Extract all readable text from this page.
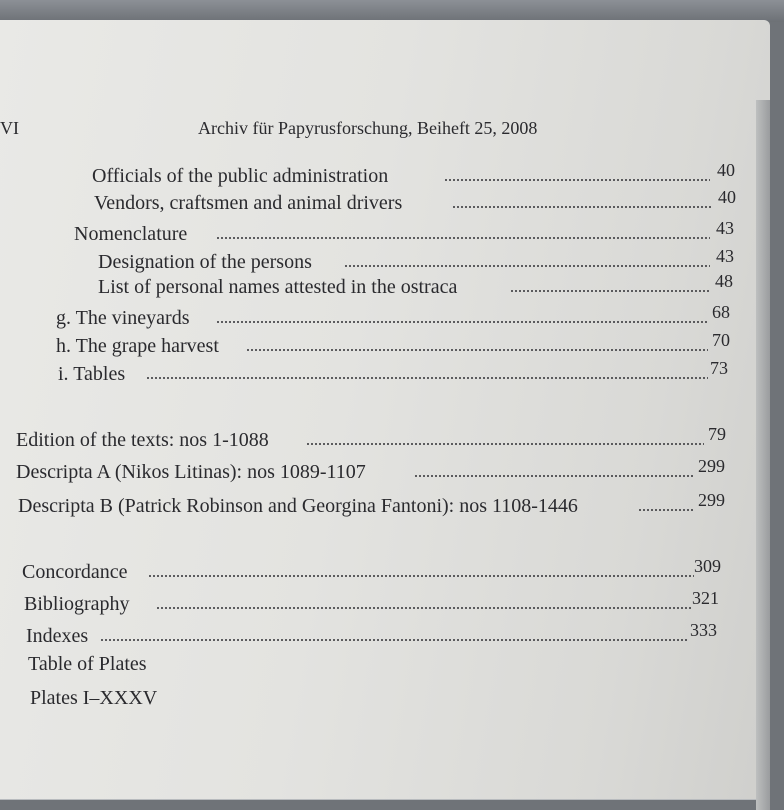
VI	Archiv für Papyrusforschung, Beiheft 25, 2008
Officials of the public administration	40
Vendors, craftsmen and animal drivers	40
Nomenclature	43
Designation of the persons	43
List of personal names attested in the ostraca	48
g. The vineyards	68
h. The grape harvest	70
i. Tables	73
Edition of the texts: nos 1-1088	79
Descripta A (Nikos Litinas): nos 1089-1107	299
Descripta B (Patrick Robinson and Georgina Fantoni): nos 1108-1446	299
Concordance	309
Bibliography	321
Indexes	333
Table of Plates
Plates I–XXXV
